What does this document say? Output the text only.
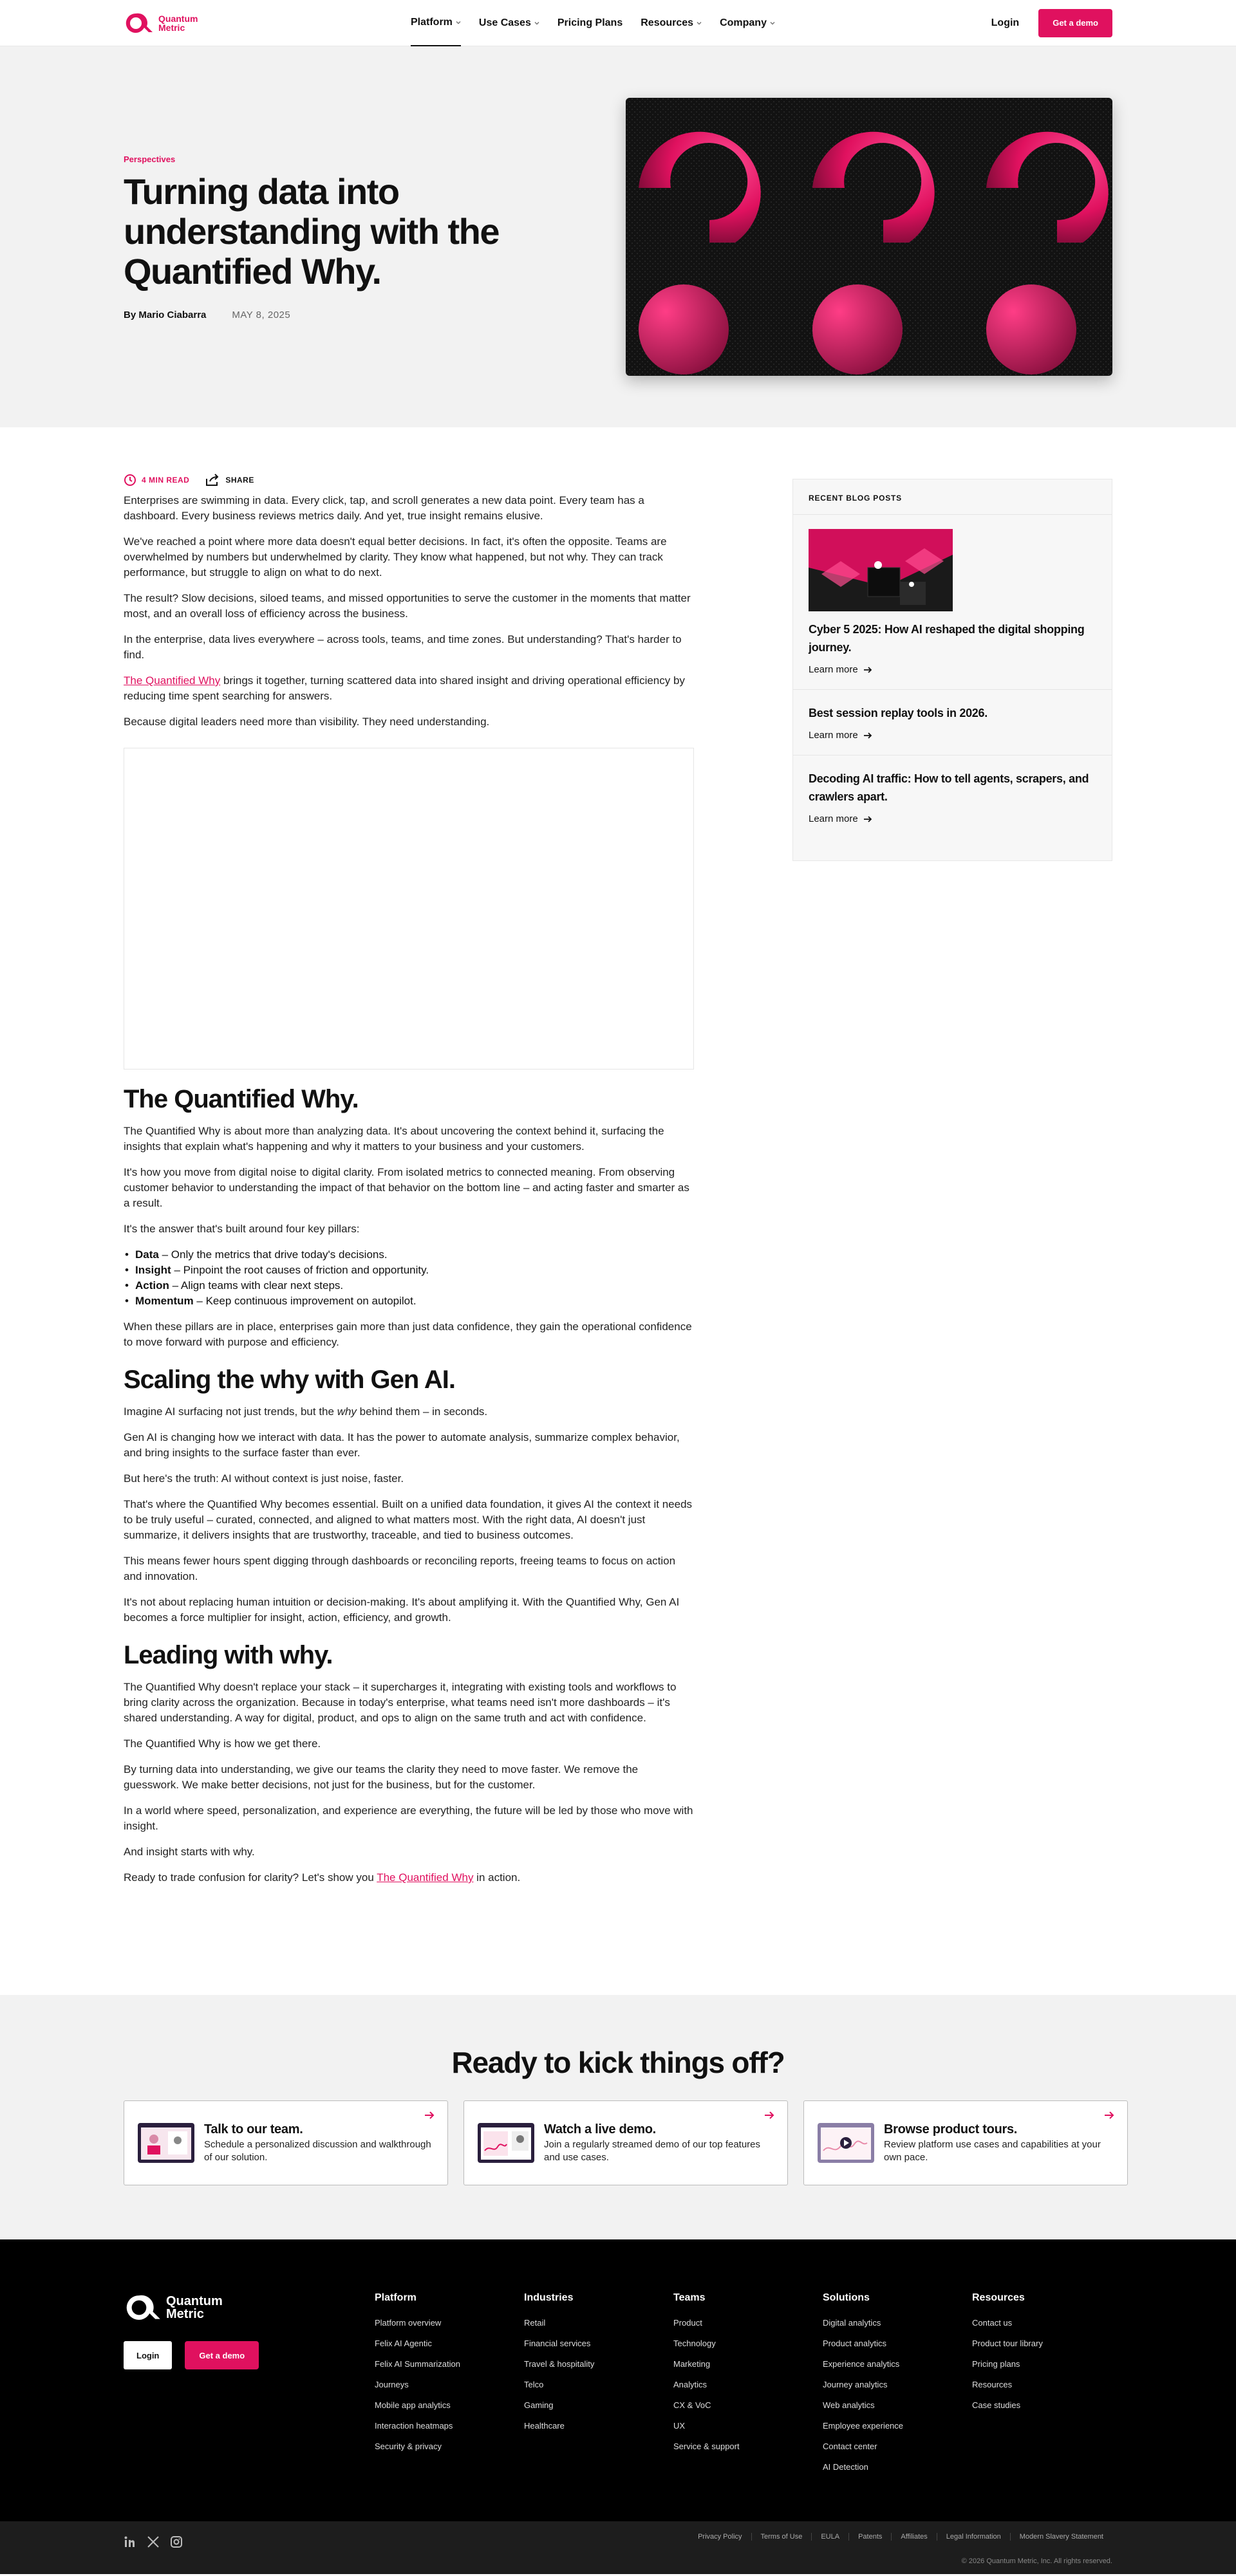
Quantum Metric	Platform	Use Cases	Pricing Plans Resources	Company	Login	Get a demo
Perspectives
Turning data into understanding with the Quantified Why.
By Mario Ciabarra	MAY 8, 2025
4 MIN READ	SHARE

Enterprises are swimming in data. Every click, tap, and scroll generates a new data point. Every team has a dashboard. Every business reviews metrics daily. And yet, true insight remains elusive.

We've reached a point where more data doesn't equal better decisions. In fact, it's often the opposite. Teams are overwhelmed by numbers but underwhelmed by clarity. They know what happened, but not why. They can track performance, but struggle to align on what to do next.

The result? Slow decisions, siloed teams, and missed opportunities to serve the customer in the moments that matter most, and an overall loss of efficiency across the business.

In the enterprise, data lives everywhere – across tools, teams, and time zones. But understanding? That's harder to find.

The Quantified Why brings it together, turning scattered data into shared insight and driving operational efficiency by reducing time spent searching for answers.

Because digital leaders need more than visibility. They need understanding.

The Quantified Why.

The Quantified Why is about more than analyzing data. It's about uncovering the context behind it, surfacing the insights that explain what's happening and why it matters to your business and your customers.

It's how you move from digital noise to digital clarity. From isolated metrics to connected meaning. From observing customer behavior to understanding the impact of that behavior on the bottom line – and acting faster and smarter as a result.

It's the answer that's built around four key pillars:

• Data – Only the metrics that drive today's decisions.
• Insight – Pinpoint the root causes of friction and opportunity.
• Action – Align teams with clear next steps.
• Momentum – Keep continuous improvement on autopilot.

When these pillars are in place, enterprises gain more than just data confidence, they gain the operational confidence to move forward with purpose and efficiency.

Scaling the why with Gen AI.

Imagine AI surfacing not just trends, but the why behind them – in seconds.

Gen AI is changing how we interact with data. It has the power to automate analysis, summarize complex behavior, and bring insights to the surface faster than ever.

But here's the truth: AI without context is just noise, faster.

That's where the Quantified Why becomes essential. Built on a unified data foundation, it gives AI the context it needs to be truly useful – curated, connected, and aligned to what matters most. With the right data, AI doesn't just summarize, it delivers insights that are trustworthy, traceable, and tied to business outcomes.

This means fewer hours spent digging through dashboards or reconciling reports, freeing teams to focus on action and innovation.

It's not about replacing human intuition or decision-making. It's about amplifying it. With the Quantified Why, Gen AI becomes a force multiplier for insight, action, efficiency, and growth.

Leading with why.

The Quantified Why doesn't replace your stack – it supercharges it, integrating with existing tools and workflows to bring clarity across the organization. Because in today's enterprise, what teams need isn't more dashboards – it's shared understanding. A way for digital, product, and ops to align on the same truth and act with confidence.

The Quantified Why is how we get there.

By turning data into understanding, we give our teams the clarity they need to move faster. We remove the guesswork. We make better decisions, not just for the business, but for the customer.

In a world where speed, personalization, and experience are everything, the future will be led by those who move with insight.

And insight starts with why.

Ready to trade confusion for clarity? Let's show you The Quantified Why in action.

RECENT BLOG POSTS
Cyber 5 2025: How AI reshaped the digital shopping journey.
Learn more
Best session replay tools in 2026.
Learn more
Decoding AI traffic: How to tell agents, scrapers, and crawlers apart.
Learn more
Ready to kick things off?
Talk to our team.
Schedule a personalized discussion and walkthrough of our solution.
Watch a live demo.
Join a regularly streamed demo of our top features and use cases.
Browse product tours.
Review platform use cases and capabilities at your own pace.
Quantum Metric
Login	Get a demo
Platform
Platform overview
Felix AI Agentic
Felix AI Summarization
Journeys
Mobile app analytics
Interaction heatmaps
Security & privacy
Industries
Retail
Financial services
Travel & hospitality
Telco
Gaming
Healthcare
Teams
Product
Technology
Marketing
Analytics
CX & VoC
UX
Service & support
Solutions
Digital analytics
Product analytics
Experience analytics
Journey analytics
Web analytics
Employee experience
Contact center
AI Detection
Resources
Contact us
Product tour library
Pricing plans
Resources
Case studies
Privacy Policy	Terms of Use	EULA	Patents	Affiliates	Legal Information	Modern Slavery Statement
© 2026 Quantum Metric, Inc. All rights reserved.
